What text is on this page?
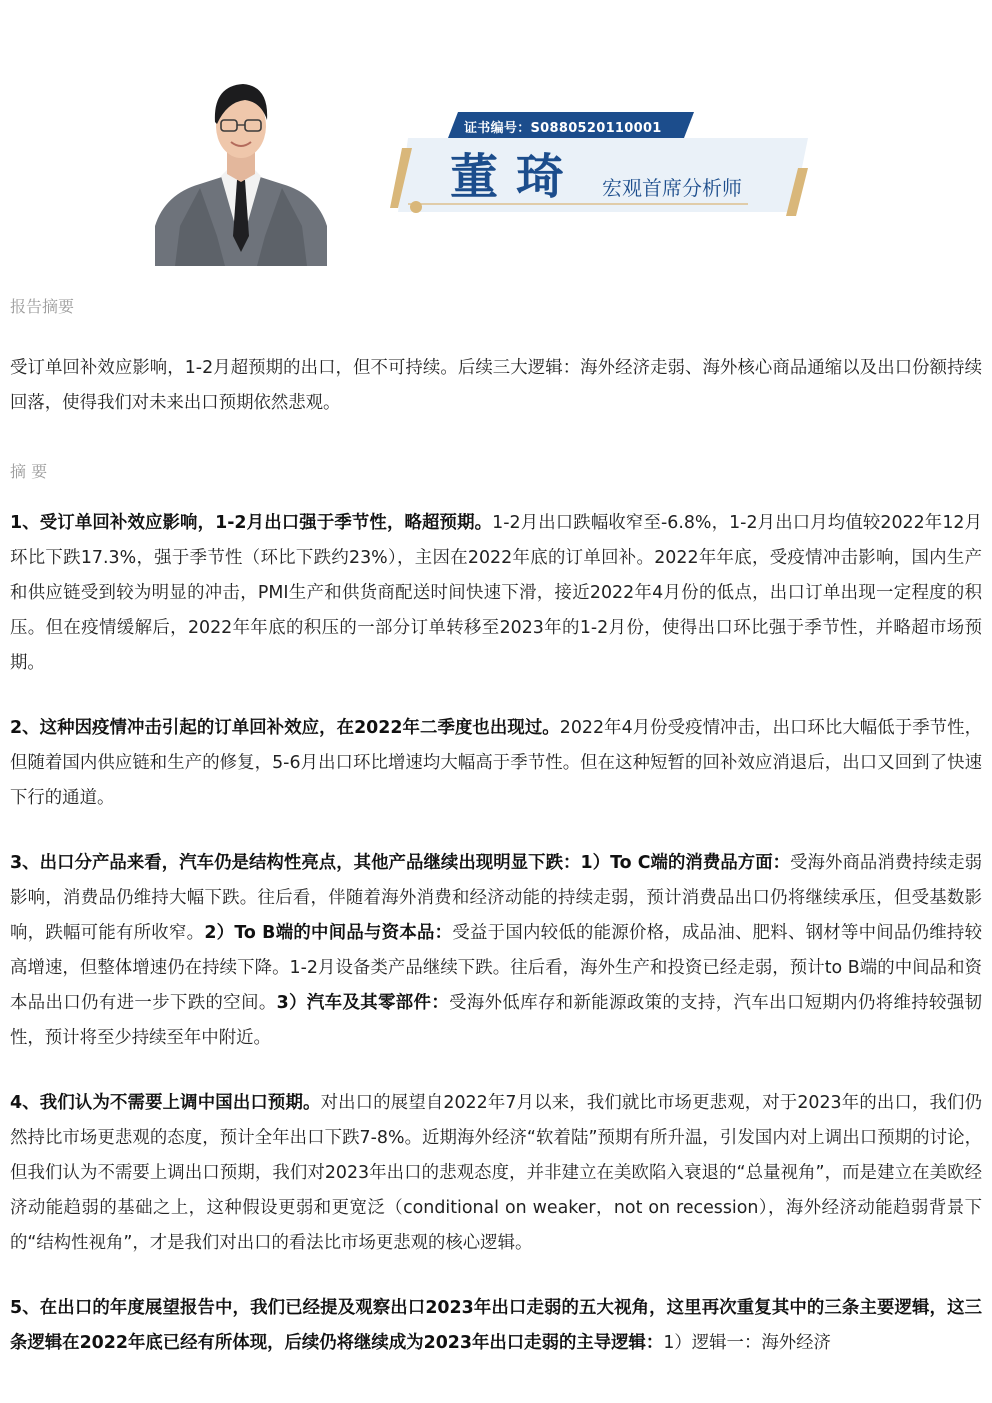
证书编号：S0880520110001
董琦 宏观首席分析师
报告摘要

受订单回补效应影响，1-2月超预期的出口，但不可持续。后续三大逻辑：海外经济走弱、海外核心商品通缩以及出口份额持续回落，使得我们对未来出口预期依然悲观。

摘 要

1、受订单回补效应影响，1-2月出口强于季节性，略超预期。1-2月出口跌幅收窄至-6.8%，1-2月出口月均值较2022年12月环比下跌17.3%，强于季节性（环比下跌约23%），主因在2022年底的订单回补。2022年年底，受疫情冲击影响，国内生产和供应链受到较为明显的冲击，PMI生产和供货商配送时间快速下滑，接近2022年4月份的低点，出口订单出现一定程度的积压。但在疫情缓解后，2022年年底的积压的一部分订单转移至2023年的1-2月份，使得出口环比强于季节性，并略超市场预期。

2、这种因疫情冲击引起的订单回补效应，在2022年二季度也出现过。2022年4月份受疫情冲击，出口环比大幅低于季节性，但随着国内供应链和生产的修复，5-6月出口环比增速均大幅高于季节性。但在这种短暂的回补效应消退后，出口又回到了快速下行的通道。

3、出口分产品来看，汽车仍是结构性亮点，其他产品继续出现明显下跌：1）To C端的消费品方面：受海外商品消费持续走弱影响，消费品仍维持大幅下跌。往后看，伴随着海外消费和经济动能的持续走弱，预计消费品出口仍将继续承压，但受基数影响，跌幅可能有所收窄。2）To B端的中间品与资本品：受益于国内较低的能源价格，成品油、肥料、钢材等中间品仍维持较高增速，但整体增速仍在持续下降。1-2月设备类产品继续下跌。往后看，海外生产和投资已经走弱，预计to B端的中间品和资本品出口仍有进一步下跌的空间。3）汽车及其零部件：受海外低库存和新能源政策的支持，汽车出口短期内仍将维持较强韧性，预计将至少持续至年中附近。

4、我们认为不需要上调中国出口预期。对出口的展望自2022年7月以来，我们就比市场更悲观，对于2023年的出口，我们仍然持比市场更悲观的态度，预计全年出口下跌7-8%。近期海外经济“软着陆”预期有所升温，引发国内对上调出口预期的讨论，但我们认为不需要上调出口预期，我们对2023年出口的悲观态度，并非建立在美欧陷入衰退的“总量视角”，而是建立在美欧经济动能趋弱的基础之上，这种假设更弱和更宽泛（conditional on weaker，not on recession），海外经济动能趋弱背景下的“结构性视角”，才是我们对出口的看法比市场更悲观的核心逻辑。

5、在出口的年度展望报告中，我们已经提及观察出口2023年出口走弱的五大视角，这里再次重复其中的三条主要逻辑，这三条逻辑在2022年底已经有所体现，后续仍将继续成为2023年出口走弱的主导逻辑：1）逻辑一：海外经济
